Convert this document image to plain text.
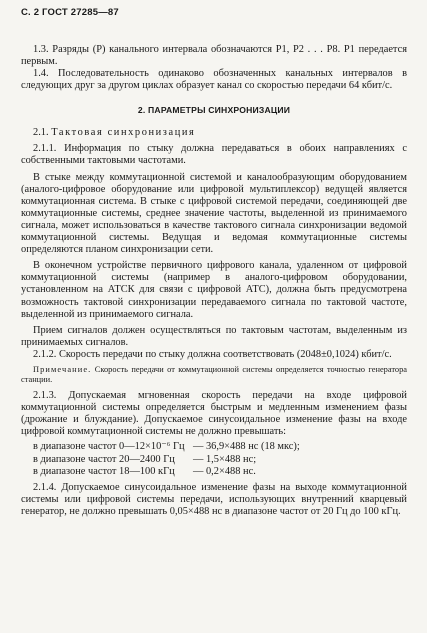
С. 2 ГОСТ 27285—87

1.3. Разряды (P) канального интервала обозначаются Р1, Р2 . . . Р8. Р1 передается первым.

1.4. Последовательность одинаково обозначенных канальных интервалов в следующих друг за другом циклах образует канал со скоростью передачи 64 кбит/с.

2. ПАРАМЕТРЫ СИНХРОНИЗАЦИИ
2.1. Тактовая синхронизация

2.1.1. Информация по стыку должна передаваться в обоих направлениях с собственными тактовыми частотами.

В стыке между коммутационной системой и каналообразующим оборудованием (аналого-цифровое оборудование или цифровой мультиплексор) ведущей является коммутационная система. В стыке с цифровой системой передачи, соединяющей две коммутационные системы, среднее значение частоты, выделенной из принимаемого сигнала, может использоваться в качестве тактового сигнала синхронизации ведомой коммутационной системы. Ведущая и ведомая коммутационные системы определяются планом синхронизации сети.

В оконечном устройстве первичного цифрового канала, удаленном от цифровой коммутационной системы (например в аналого-цифровом оборудовании, установленном на АТСК для связи с цифровой АТС), должна быть предусмотрена возможность тактовой синхронизации передаваемого сигнала по тактовой частоте, выделенной из принимаемого сигнала.

Прием сигналов должен осуществляться по тактовым частотам, выделенным из принимаемых сигналов.

2.1.2. Скорость передачи по стыку должна соответствовать (2048±0,1024) кбит/с.

Примечание. Скорость передачи от коммутационной системы определяется точностью генератора станции.

2.1.3. Допускаемая мгновенная скорость передачи на входе цифровой коммутационной системы определяется быстрым и медленным изменением фазы (дрожание и блуждание). Допускаемое синусоидальное изменение фазы на входе цифровой коммутационной системы не должно превышать:

в диапазоне частот 0—12×10⁻⁶ Гц — 36,9×488 нс (18 мкс);
в диапазоне частот 20—2400 Гц	— 1,5×488 нс;
в диапазоне частот 18—100 кГц	— 0,2×488 нс.

2.1.4. Допускаемое синусоидальное изменение фазы на выходе коммутационной системы или цифровой системы передачи, использующих внутренний кварцевый генератор, не должно превышать 0,05×488 нс в диапазоне частот от 20 Гц до 100 кГц.
